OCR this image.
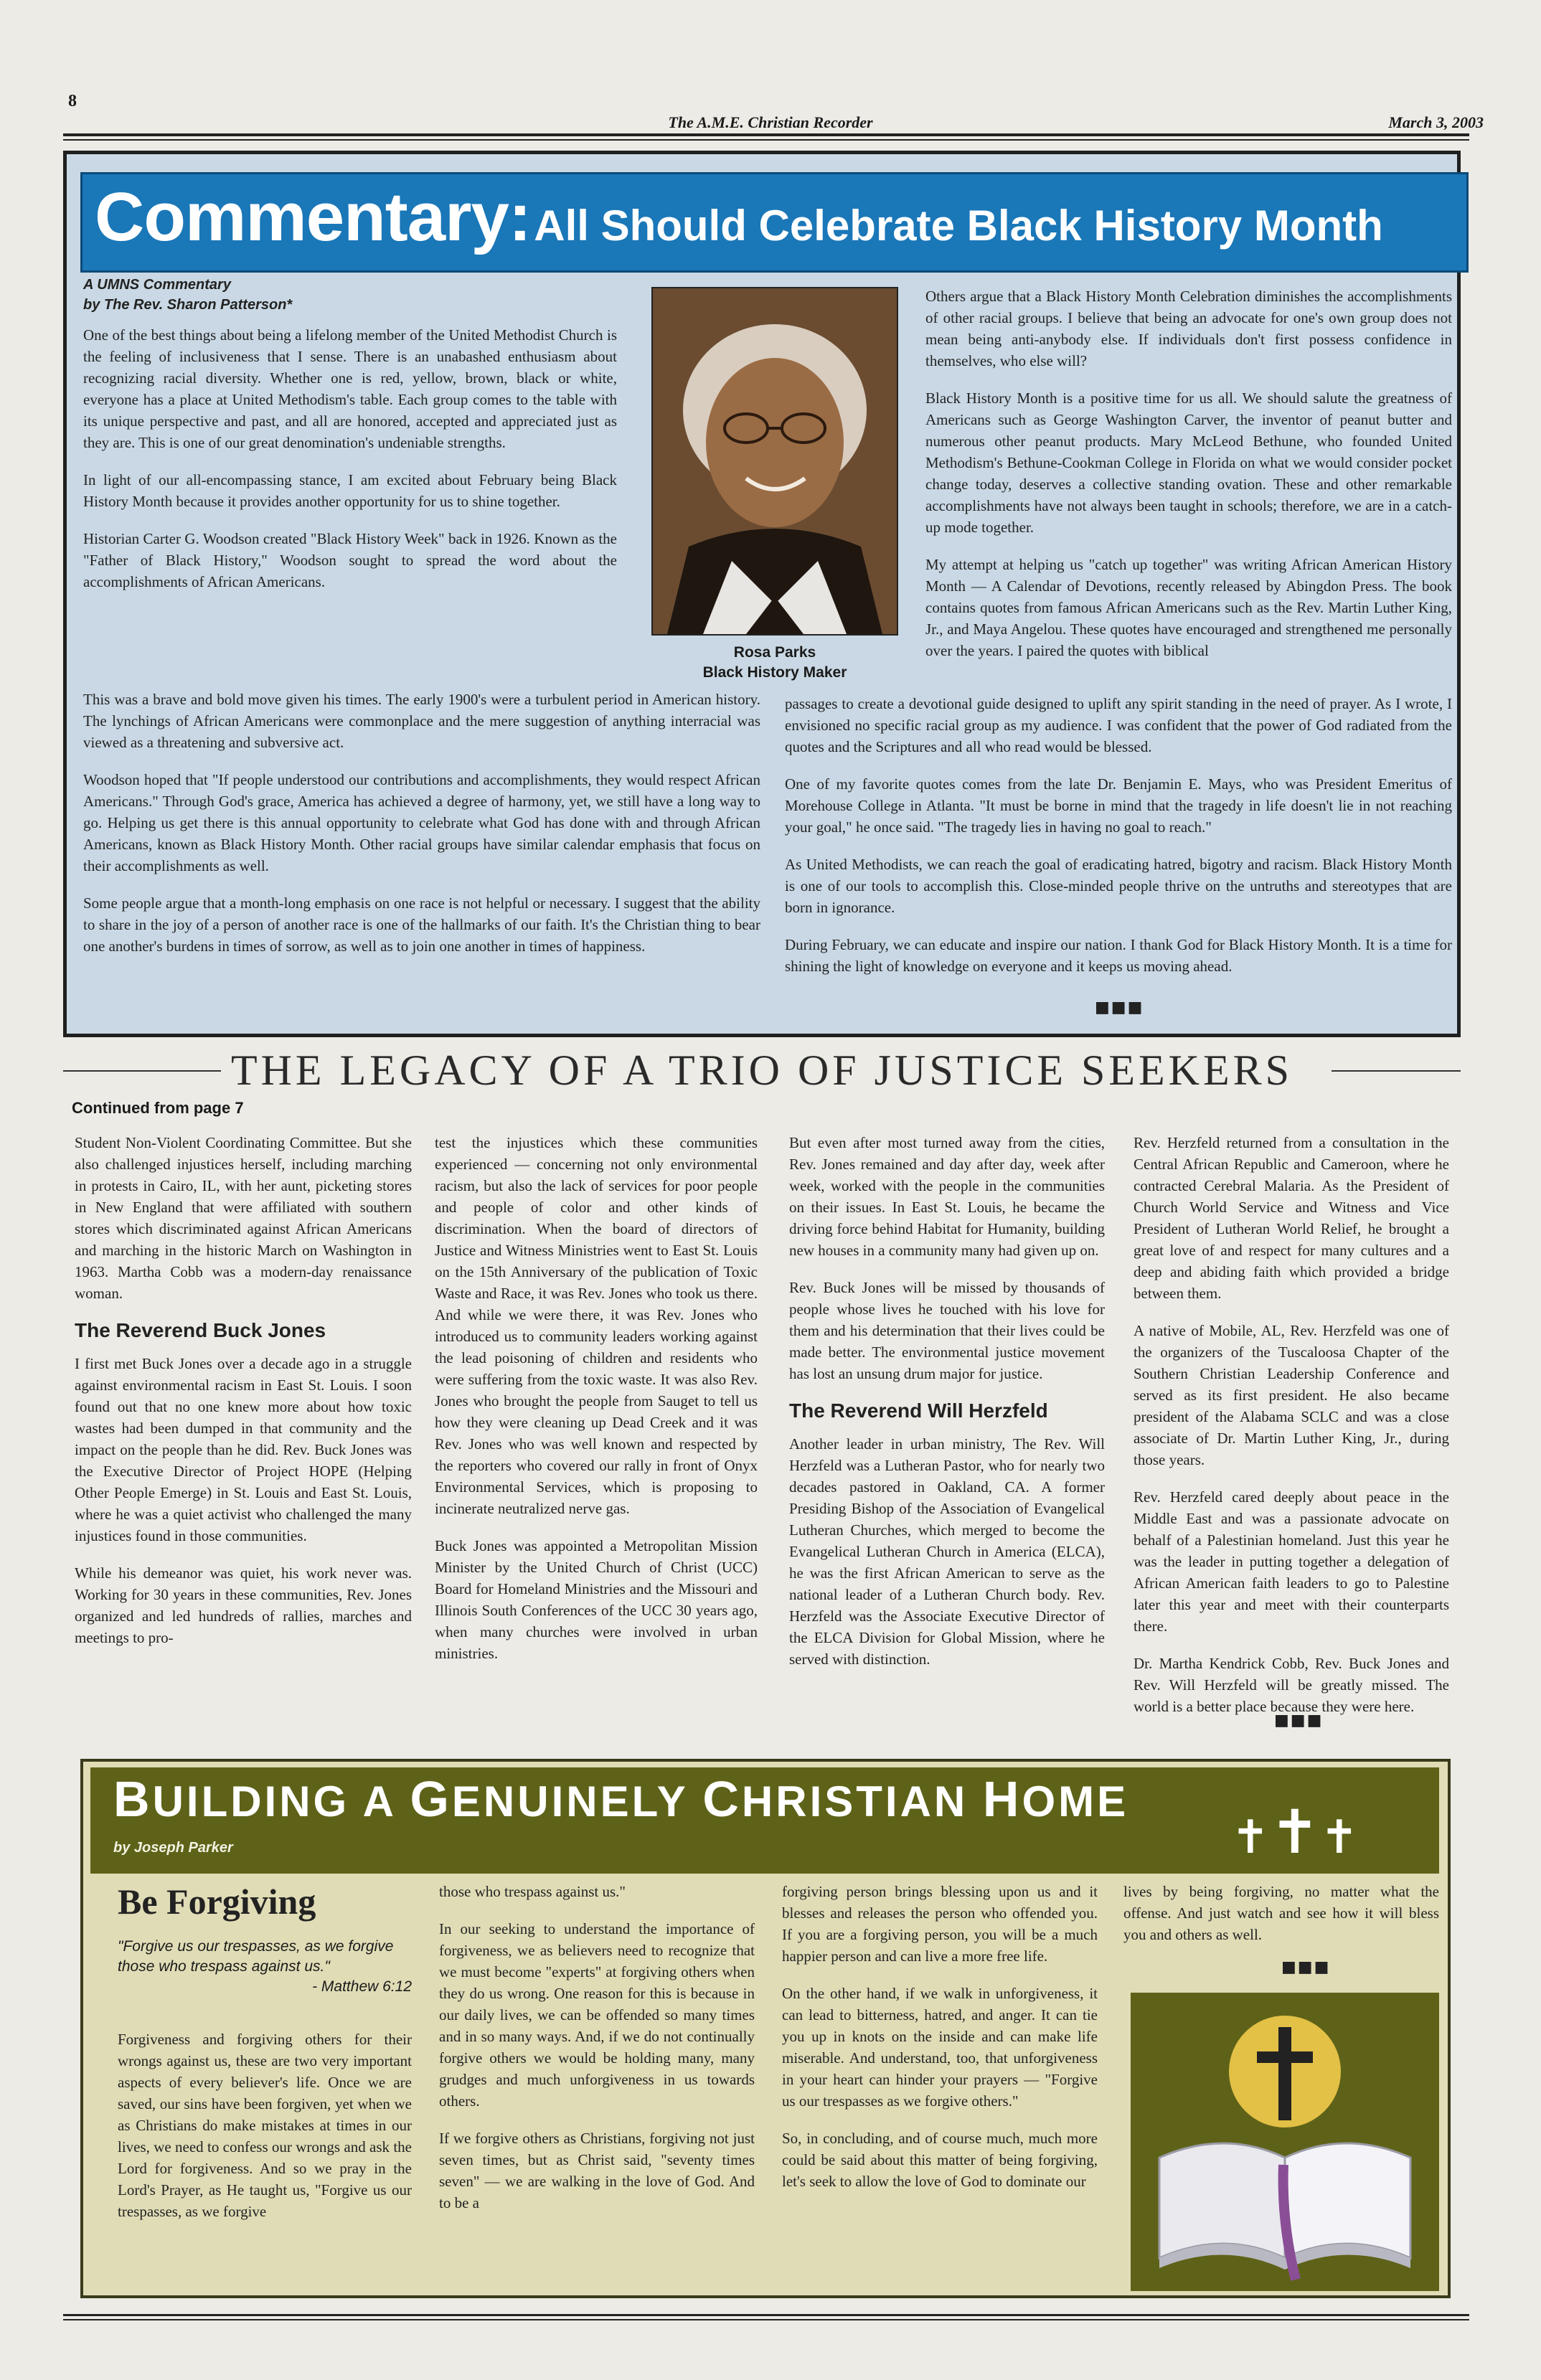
8
The A.M.E. Christian Recorder	March 3, 2003
Commentary: All Should Celebrate Black History Month
A UMNS Commentary
by The Rev. Sharon Patterson*

One of the best things about being a lifelong member of the United Methodist Church is the feeling of inclusiveness that I sense. There is an unabashed enthusiasm about recognizing racial diversity. Whether one is red, yellow, brown, black or white, everyone has a place at United Methodism's table. Each group comes to the table with its unique perspective and past, and all are honored, accepted and appreciated just as they are. This is one of our great denomination's undeniable strengths.

In light of our all-encompassing stance, I am excited about February being Black History Month because it provides another opportunity for us to shine together.

Historian Carter G. Woodson created "Black History Week" back in 1926. Known as the "Father of Black History," Woodson sought to spread the word about the accomplishments of African Americans.

Rosa Parks
Black History Maker

Others argue that a Black History Month Celebration diminishes the accomplishments of other racial groups. I believe that being an advocate for one's own group does not mean being anti-anybody else. If individuals don't first possess confidence in themselves, who else will?

Black History Month is a positive time for us all. We should salute the greatness of Americans such as George Washington Carver, the inventor of peanut butter and numerous other peanut products. Mary McLeod Bethune, who founded United Methodism's Bethune-Cookman College in Florida on what we would consider pocket change today, deserves a collective standing ovation. These and other remarkable accomplishments have not always been taught in schools; therefore, we are in a catch-up mode together.

My attempt at helping us "catch up together" was writing African American History Month — A Calendar of Devotions, recently released by Abingdon Press. The book contains quotes from famous African Americans such as the Rev. Martin Luther King, Jr., and Maya Angelou. These quotes have encouraged and strengthened me personally over the years. I paired the quotes with biblical

This was a brave and bold move given his times. The early 1900's were a turbulent period in American history. The lynchings of African Americans were commonplace and the mere suggestion of anything interracial was viewed as a threatening and subversive act.

Woodson hoped that "If people understood our contributions and accomplishments, they would respect African Americans." Through God's grace, America has achieved a degree of harmony, yet, we still have a long way to go. Helping us get there is this annual opportunity to celebrate what God has done with and through African Americans, known as Black History Month. Other racial groups have similar calendar emphasis that focus on their accomplishments as well.

Some people argue that a month-long emphasis on one race is not helpful or necessary. I suggest that the ability to share in the joy of a person of another race is one of the hallmarks of our faith. It's the Christian thing to bear one another's burdens in times of sorrow, as well as to join one another in times of happiness.

passages to create a devotional guide designed to uplift any spirit standing in the need of prayer. As I wrote, I envisioned no specific racial group as my audience. I was confident that the power of God radiated from the quotes and the Scriptures and all who read would be blessed.

One of my favorite quotes comes from the late Dr. Benjamin E. Mays, who was President Emeritus of Morehouse College in Atlanta. "It must be borne in mind that the tragedy in life doesn't lie in not reaching your goal," he once said. "The tragedy lies in having no goal to reach."

As United Methodists, we can reach the goal of eradicating hatred, bigotry and racism. Black History Month is one of our tools to accomplish this. Close-minded people thrive on the untruths and stereotypes that are born in ignorance.

During February, we can educate and inspire our nation. I thank God for Black History Month. It is a time for shining the light of knowledge on everyone and it keeps us moving ahead.

■■■
THE LEGACY OF A TRIO OF JUSTICE SEEKERS
Continued from page 7

Student Non-Violent Coordinating Committee. But she also challenged injustices herself, including marching in protests in Cairo, IL, with her aunt, picketing stores in New England that were affiliated with southern stores which discriminated against African Americans and marching in the historic March on Washington in 1963. Martha Cobb was a modern-day renaissance woman.

The Reverend Buck Jones

I first met Buck Jones over a decade ago in a struggle against environmental racism in East St. Louis. I soon found out that no one knew more about how toxic wastes had been dumped in that community and the impact on the people than he did. Rev. Buck Jones was the Executive Director of Project HOPE (Helping Other People Emerge) in St. Louis and East St. Louis, where he was a quiet activist who challenged the many injustices found in those communities.

While his demeanor was quiet, his work never was. Working for 30 years in these communities, Rev. Jones organized and led hundreds of rallies, marches and meetings to pro-

test the injustices which these communities experienced — concerning not only environmental racism, but also the lack of services for poor people and people of color and other kinds of discrimination. When the board of directors of Justice and Witness Ministries went to East St. Louis on the 15th Anniversary of the publication of Toxic Waste and Race, it was Rev. Jones who took us there. And while we were there, it was Rev. Jones who introduced us to community leaders working against the lead poisoning of children and residents who were suffering from the toxic waste. It was also Rev. Jones who brought the people from Sauget to tell us how they were cleaning up Dead Creek and it was Rev. Jones who was well known and respected by the reporters who covered our rally in front of Onyx Environmental Services, which is proposing to incinerate neutralized nerve gas.

Buck Jones was appointed a Metropolitan Mission Minister by the United Church of Christ (UCC) Board for Homeland Ministries and the Missouri and Illinois South Conferences of the UCC 30 years ago, when many churches were involved in urban ministries.

But even after most turned away from the cities, Rev. Jones remained and day after day, week after week, worked with the people in the communities on their issues. In East St. Louis, he became the driving force behind Habitat for Humanity, building new houses in a community many had given up on.

Rev. Buck Jones will be missed by thousands of people whose lives he touched with his love for them and his determination that their lives could be made better. The environmental justice movement has lost an unsung drum major for justice.

The Reverend Will Herzfeld

Another leader in urban ministry, The Rev. Will Herzfeld was a Lutheran Pastor, who for nearly two decades pastored in Oakland, CA. A former Presiding Bishop of the Association of Evangelical Lutheran Churches, which merged to become the Evangelical Lutheran Church in America (ELCA), he was the first African American to serve as the national leader of a Lutheran Church body. Rev. Herzfeld was the Associate Executive Director of the ELCA Division for Global Mission, where he served with distinction.

Rev. Herzfeld returned from a consultation in the Central African Republic and Cameroon, where he contracted Cerebral Malaria. As the President of Church World Service and Witness and Vice President of Lutheran World Relief, he brought a great love of and respect for many cultures and a deep and abiding faith which provided a bridge between them.

A native of Mobile, AL, Rev. Herzfeld was one of the organizers of the Tuscaloosa Chapter of the Southern Christian Leadership Conference and served as its first president. He also became president of the Alabama SCLC and was a close associate of Dr. Martin Luther King, Jr., during those years.

Rev. Herzfeld cared deeply about peace in the Middle East and was a passionate advocate on behalf of a Palestinian homeland. Just this year he was the leader in putting together a delegation of African American faith leaders to go to Palestine later this year and meet with their counterparts there.

Dr. Martha Kendrick Cobb, Rev. Buck Jones and Rev. Will Herzfeld will be greatly missed. The world is a better place because they were here.

■■■
BUILDING A GENUINELY CHRISTIAN HOME
by Joseph Parker	✝✝✝
Be Forgiving
"Forgive us our trespasses, as we forgive those who trespass against us."
- Matthew 6:12

Forgiveness and forgiving others for their wrongs against us, these are two very important aspects of every believer's life. Once we are saved, our sins have been forgiven, yet when we as Christians do make mistakes at times in our lives, we need to confess our wrongs and ask the Lord for forgiveness. And so we pray in the Lord's Prayer, as He taught us, "Forgive us our trespasses, as we forgive

those who trespass against us."

In our seeking to understand the importance of forgiveness, we as believers need to recognize that we must become "experts" at forgiving others when they do us wrong. One reason for this is because in our daily lives, we can be offended so many times and in so many ways. And, if we do not continually forgive others we would be holding many, many grudges and much unforgiveness in us towards others.

If we forgive others as Christians, forgiving not just seven times, but as Christ said, "seventy times seven" — we are walking in the love of God. And to be a

forgiving person brings blessing upon us and it blesses and releases the person who offended you. If you are a forgiving person, you will be a much happier person and can live a more free life.

On the other hand, if we walk in unforgiveness, it can lead to bitterness, hatred, and anger. It can tie you up in knots on the inside and can make life miserable. And understand, too, that unforgiveness in your heart can hinder your prayers — "Forgive us our trespasses as we forgive others."

So, in concluding, and of course much, much more could be said about this matter of being forgiving, let's seek to allow the love of God to dominate our

lives by being forgiving, no matter what the offense. And just watch and see how it will bless you and others as well.

■■■
